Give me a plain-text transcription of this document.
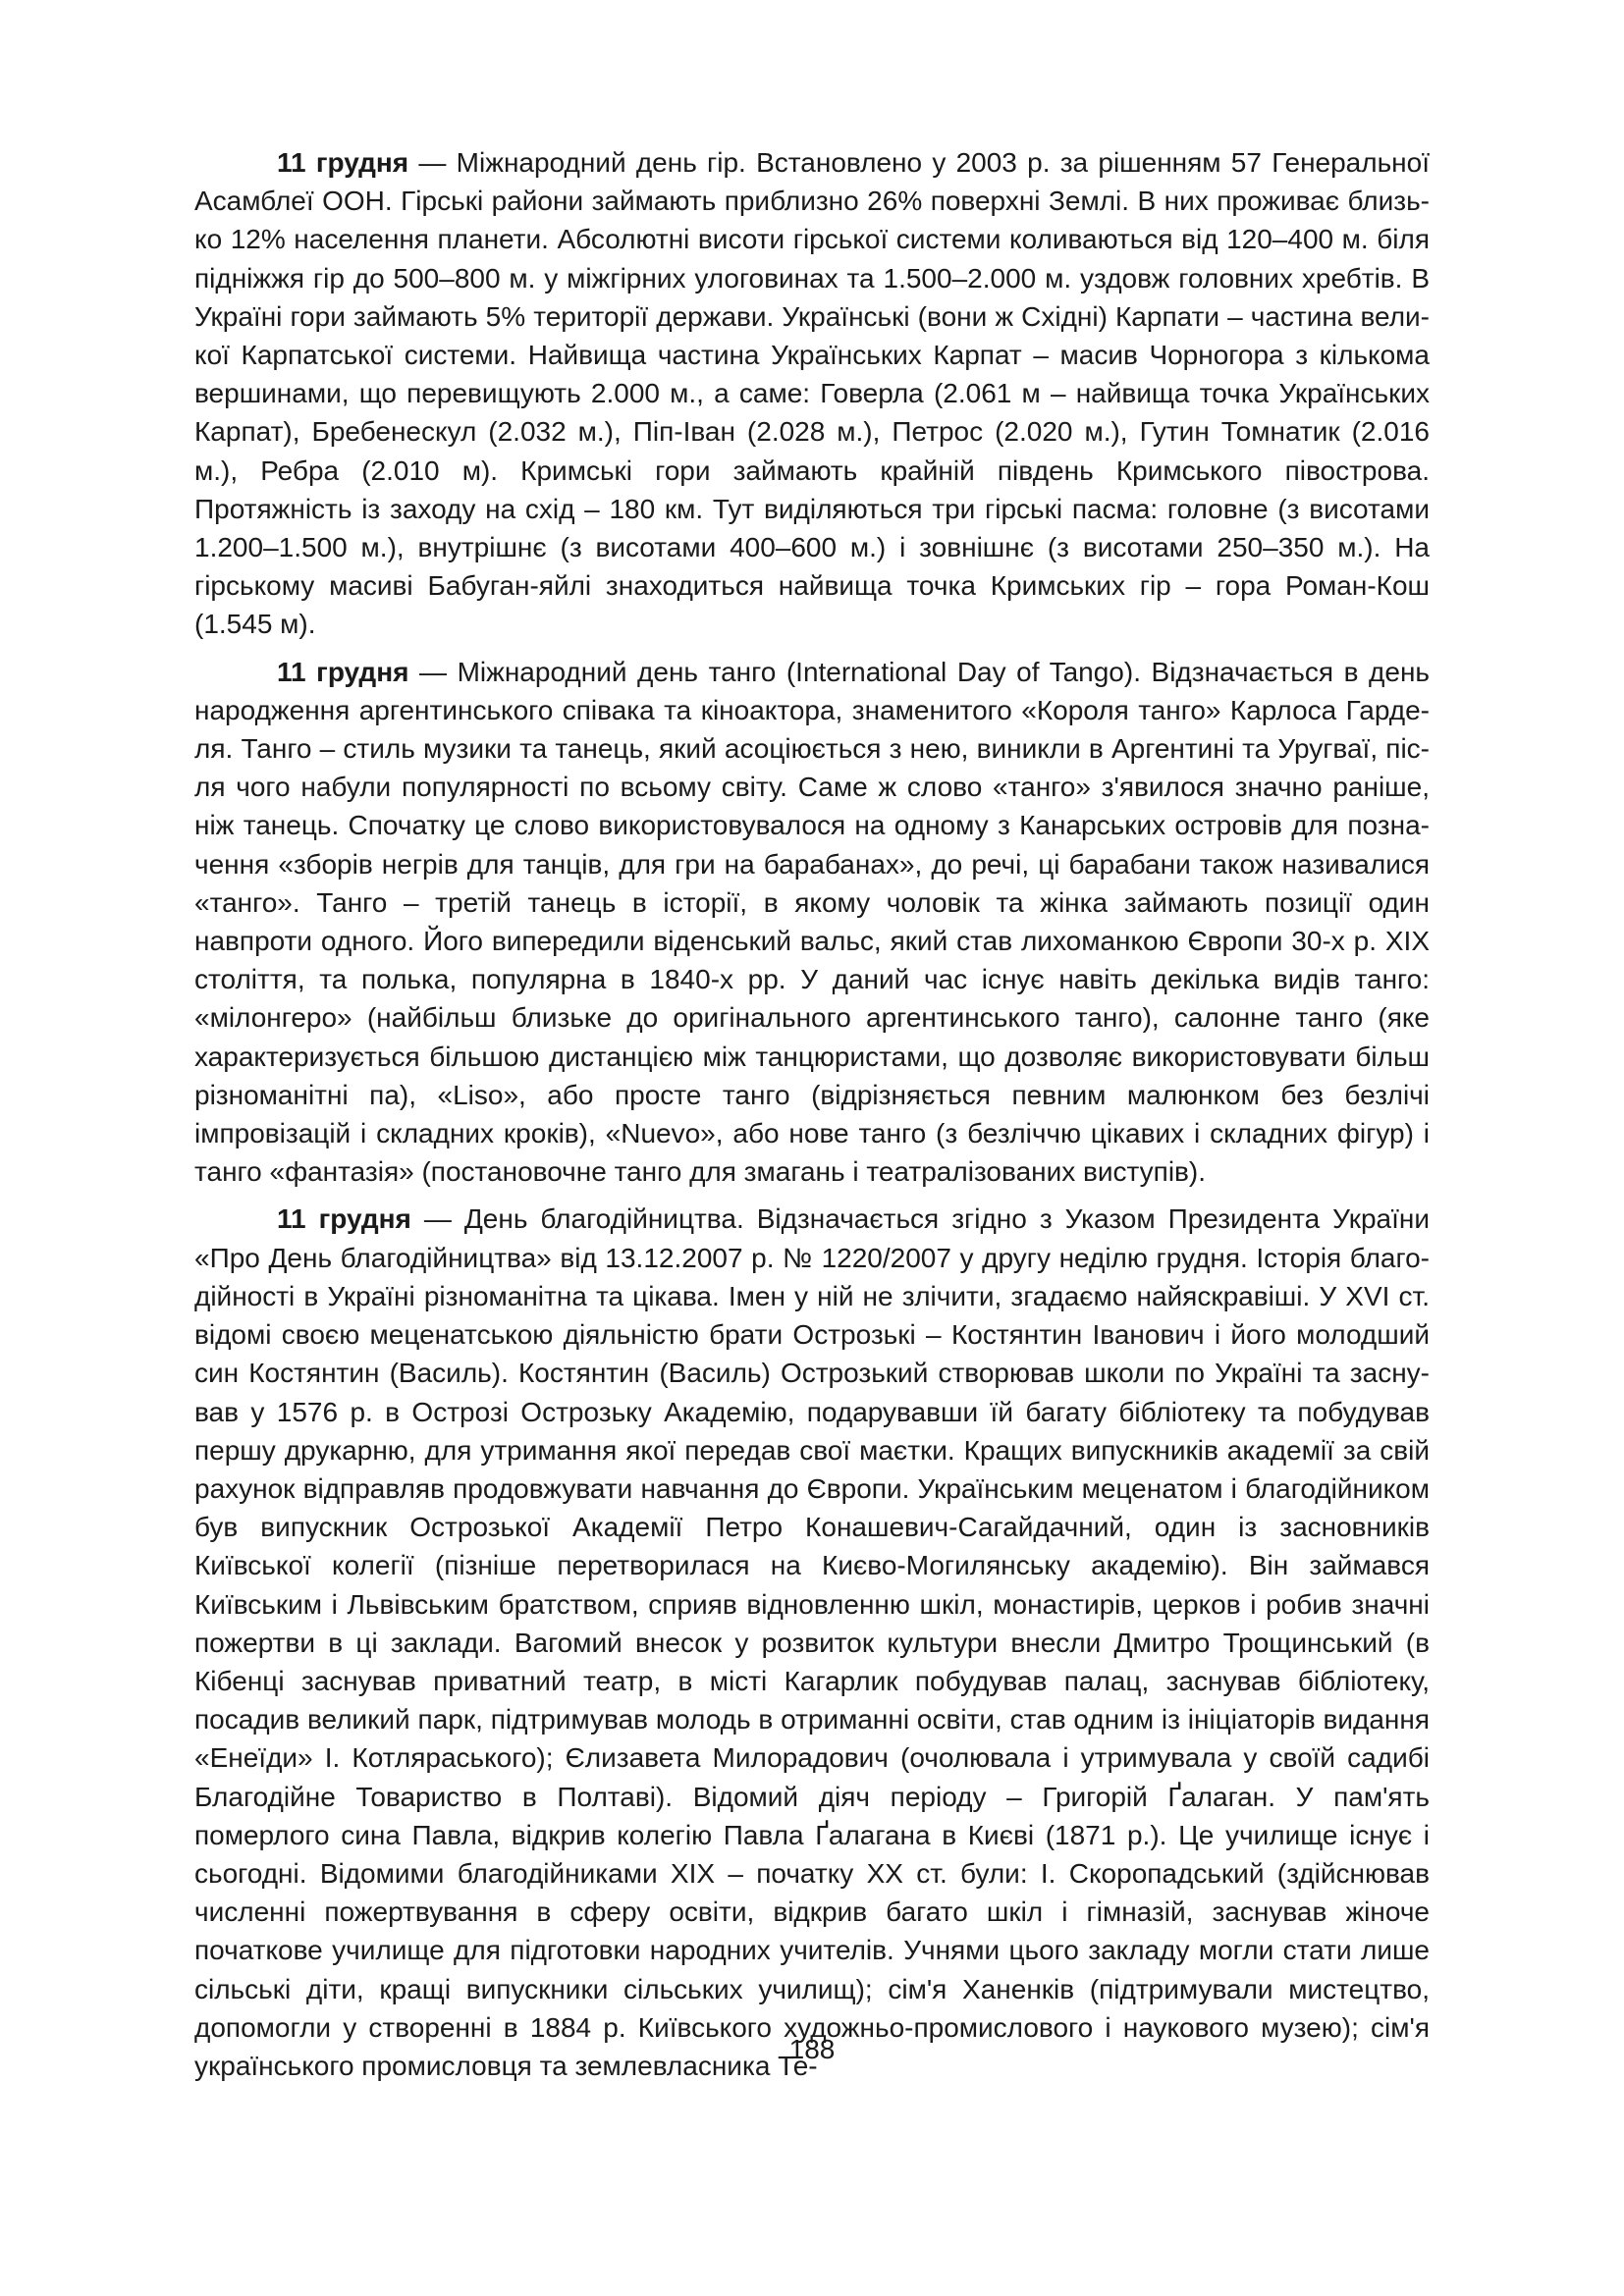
11 грудня — Міжнародний день гір. Встановлено у 2003 р. за рішенням 57 Генеральної Асамблеї ООН. Гірські райони займають приблизно 26% поверхні Землі. В них проживає близько 12% населення планети. Абсолютні висоти гірської системи коливаються від 120–400 м. біля підніжжя гір до 500–800 м. у міжгірних улоговинах та 1.500–2.000 м. уздовж головних хребтів. В Україні гори займають 5% території держави. Українські (вони ж Східні) Карпати – частина великої Карпатської системи. Найвища частина Українських Карпат – масив Чорногора з кількома вершинами, що перевищують 2.000 м., а саме: Говерла (2.061 м – найвища точка Українських Карпат), Бребенескул (2.032 м.), Піп-Іван (2.028 м.), Петрос (2.020 м.), Гутин Томнатик (2.016 м.), Ребра (2.010 м). Кримські гори займають крайній південь Кримського півострова. Протяжність із заходу на схід – 180 км. Тут виділяються три гірські пасма: головне (з висотами 1.200–1.500 м.), внутрішнє (з висотами 400–600 м.) і зовнішнє (з висотами 250–350 м.). На гірському масиві Бабуган-яйлі знаходиться найвища точка Кримських гір – гора Роман-Кош (1.545 м).

11 грудня — Міжнародний день танго (International Day of Tango). Відзначається в день народження аргентинського співака та кіноактора, знаменитого «Короля танго» Карлоса Гарделя. Танго – стиль музики та танець, який асоціюється з нею, виникли в Аргентині та Уругваї, після чого набули популярності по всьому світу. Саме ж слово «танго» з'явилося значно раніше, ніж танець. Спочатку це слово використовувалося на одному з Канарських островів для позначення «зборів негрів для танців, для гри на барабанах», до речі, ці барабани також називалися «танго». Танго – третій танець в історії, в якому чоловік та жінка займають позиції один навпроти одного. Його випередили віденський вальс, який став лихоманкою Європи 30-х р. XIX століття, та полька, популярна в 1840-х рр. У даний час існує навіть декілька видів танго: «мілонгеро» (найбільш близьке до оригінального аргентинського танго), салонне танго (яке характеризується більшою дистанцією між танцюристами, що дозволяє використовувати більш різноманітні па), «Liso», або просте танго (відрізняється певним малюнком без безлічі імпровізацій і складних кроків), «Nuevo», або нове танго (з безліччю цікавих і складних фігур) і танго «фантазія» (постановочне танго для змагань і театралізованих виступів).

11 грудня — День благодійництва. Відзначається згідно з Указом Президента України «Про День благодійництва» від 13.12.2007 р. № 1220/2007 у другу неділю грудня. Історія благодійності в Україні різноманітна та цікава. Імен у ній не злічити, згадаємо найяскравіші. У XVI ст. відомі своєю меценатською діяльністю брати Острозькі – Костянтин Іванович і його молодший син Костянтин (Василь). Костянтин (Василь) Острозький створював школи по Україні та заснував у 1576 р. в Острозі Острозьку Академію, подарувавши їй багату бібліотеку та побудував першу друкарню, для утримання якої передав свої маєтки. Кращих випускників академії за свій рахунок відправляв продовжувати навчання до Європи. Українським меценатом і благодійником був випускник Острозької Академії Петро Конашевич-Сагайдачний, один із засновників Київської колегії (пізніше перетворилася на Києво-Могилянську академію). Він займався Київським і Львівським братством, сприяв відновленню шкіл, монастирів, церков і робив значні пожертви в ці заклади. Вагомий внесок у розвиток культури внесли Дмитро Трощинський (в Кібенці заснував приватний театр, в місті Кагарлик побудував палац, заснував бібліотеку, посадив великий парк, підтримував молодь в отриманні освіти, став одним із ініціаторів видання «Енеїди» І. Котляраського); Єлизавета Милорадович (очолювала і утримувала у своїй садибі Благодійне Товариство в Полтаві). Відомий діяч періоду – Григорій Ґалаган. У пам'ять померлого сина Павла, відкрив колегію Павла Ґалагана в Києві (1871 р.). Це училище існує і сьогодні. Відомими благодійниками XIX – початку XX ст. були: І. Скоропадський (здійснював численні пожертвування в сферу освіти, відкрив багато шкіл і гімназій, заснував жіноче початкове училище для підготовки народних учителів. Учнями цього закладу могли стати лише сільські діти, кращі випускники сільських училищ); сім'я Ханенків (підтримували мистецтво, допомогли у створенні в 1884 р. Київського художньо-промислового і наукового музею); сім'я українського промисловця та землевласника Те-

188
